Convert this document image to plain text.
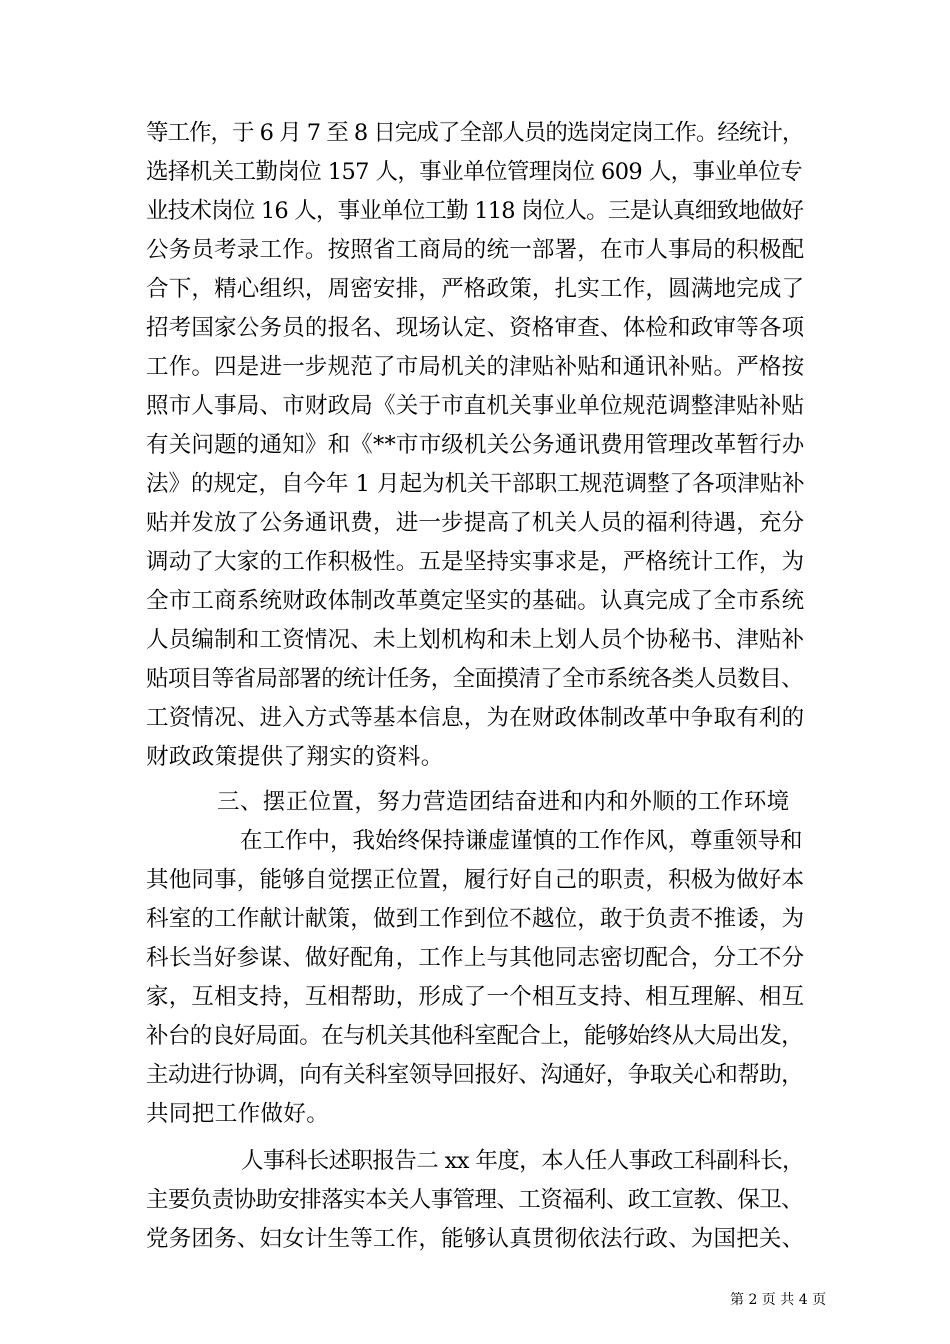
等工作，于 6 月 7 至 8 日完成了全部人员的选岗定岗工作。经统计，
选择机关工勤岗位 157 人，事业单位管理岗位 609 人，事业单位专
业技术岗位 16 人，事业单位工勤 118 岗位人。三是认真细致地做好
公务员考录工作。按照省工商局的统一部署，在市人事局的积极配
合下，精心组织，周密安排，严格政策，扎实工作，圆满地完成了
招考国家公务员的报名、现场认定、资格审查、体检和政审等各项
工作。四是进一步规范了市局机关的津贴补贴和通讯补贴。严格按
照市人事局、市财政局《关于市直机关事业单位规范调整津贴补贴
有关问题的通知》和《**市市级机关公务通讯费用管理改革暂行办
法》的规定，自今年 1 月起为机关干部职工规范调整了各项津贴补
贴并发放了公务通讯费，进一步提高了机关人员的福利待遇，充分
调动了大家的工作积极性。五是坚持实事求是，严格统计工作，为
全市工商系统财政体制改革奠定坚实的基础。认真完成了全市系统
人员编制和工资情况、未上划机构和未上划人员个协秘书、津贴补
贴项目等省局部署的统计任务，全面摸清了全市系统各类人员数目、
工资情况、进入方式等基本信息，为在财政体制改革中争取有利的
财政政策提供了翔实的资料。
三、摆正位置，努力营造团结奋进和内和外顺的工作环境
在工作中，我始终保持谦虚谨慎的工作作风，尊重领导和
其他同事，能够自觉摆正位置，履行好自己的职责，积极为做好本
科室的工作献计献策，做到工作到位不越位，敢于负责不推诿，为
科长当好参谋、做好配角，工作上与其他同志密切配合，分工不分
家，互相支持，互相帮助，形成了一个相互支持、相互理解、相互
补台的良好局面。在与机关其他科室配合上，能够始终从大局出发，
主动进行协调，向有关科室领导回报好、沟通好，争取关心和帮助，
共同把工作做好。
人事科长述职报告二 xx 年度，本人任人事政工科副科长，
主要负责协助安排落实本关人事管理、工资福利、政工宣教、保卫、
党务团务、妇女计生等工作，能够认真贯彻依法行政、为国把关、
第 2 页 共 4 页
